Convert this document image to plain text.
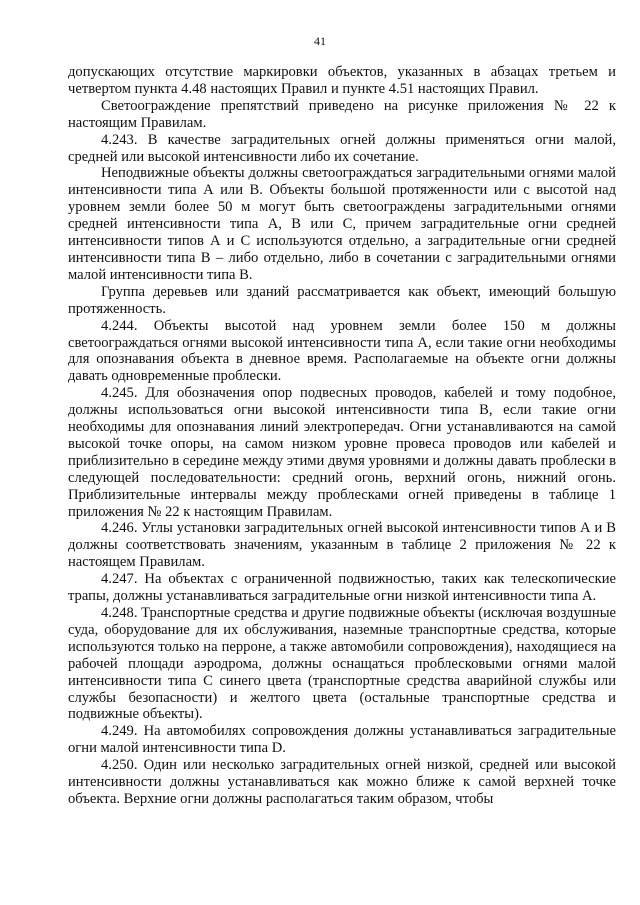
41

допускающих отсутствие маркировки объектов, указанных в абзацах третьем и четвертом пункта 4.48 настоящих Правил и пункте 4.51 настоящих Правил.

Светоограждение препятствий приведено на рисунке приложения № 22 к настоящим Правилам.

4.243. В качестве заградительных огней должны применяться огни малой, средней или высокой интенсивности либо их сочетание.

Неподвижные объекты должны светоограждаться заградительными огнями малой интенсивности типа А или В. Объекты большой протяженности или с высотой над уровнем земли более 50 м могут быть светоограждены заградительными огнями средней интенсивности типа А, В или С, причем заградительные огни средней интенсивности типов А и С используются отдельно, а заградительные огни средней интенсивности типа В – либо отдельно, либо в сочетании с заградительными огнями малой интенсивности типа В.

Группа деревьев или зданий рассматривается как объект, имеющий большую протяженность.

4.244. Объекты высотой над уровнем земли более 150 м должны светоограждаться огнями высокой интенсивности типа А, если такие огни необходимы для опознавания объекта в дневное время. Располагаемые на объекте огни должны давать одновременные проблески.

4.245. Для обозначения опор подвесных проводов, кабелей и тому подобное, должны использоваться огни высокой интенсивности типа В, если такие огни необходимы для опознавания линий электропередач. Огни устанавливаются на самой высокой точке опоры, на самом низком уровне провеса проводов или кабелей и приблизительно в середине между этими двумя уровнями и должны давать проблески в следующей последовательности: средний огонь, верхний огонь, нижний огонь. Приблизительные интервалы между проблесками огней приведены в таблице 1 приложения № 22 к настоящим Правилам.

4.246. Углы установки заградительных огней высокой интенсивности типов А и В должны соответствовать значениям, указанным в таблице 2 приложения № 22 к настоящем Правилам.

4.247. На объектах с ограниченной подвижностью, таких как телескопические трапы, должны устанавливаться заградительные огни низкой интенсивности типа А.

4.248. Транспортные средства и другие подвижные объекты (исключая воздушные суда, оборудование для их обслуживания, наземные транспортные средства, которые используются только на перроне, а также автомобили сопровождения), находящиеся на рабочей площади аэродрома, должны оснащаться проблесковыми огнями малой интенсивности типа С синего цвета (транспортные средства аварийной службы или службы безопасности) и желтого цвета (остальные транспортные средства и подвижные объекты).

4.249. На автомобилях сопровождения должны устанавливаться заградительные огни малой интенсивности типа D.

4.250. Один или несколько заградительных огней низкой, средней или высокой интенсивности должны устанавливаться как можно ближе к самой верхней точке объекта. Верхние огни должны располагаться таким образом, чтобы
